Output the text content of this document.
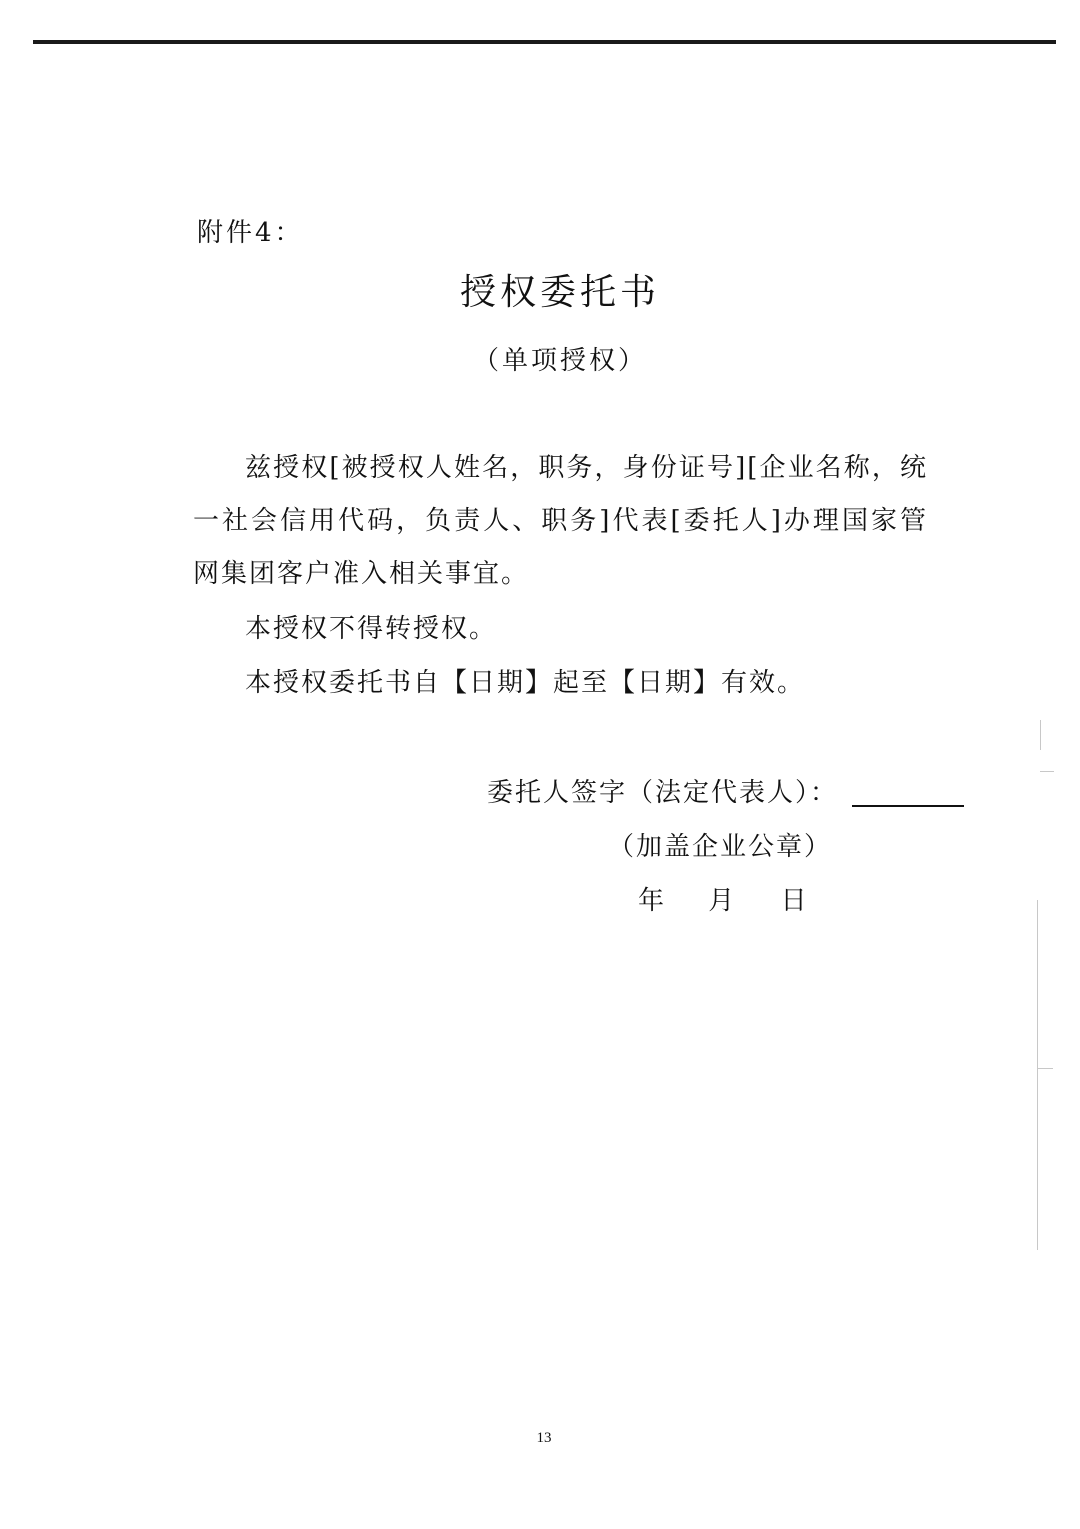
附件4：
授权委托书
（单项授权）

兹授权[被授权人姓名，职务，身份证号][企业名称，统一社会信用代码，负责人、职务]代表[委托人]办理国家管网集团客户准入相关事宜。

本授权不得转授权。
本授权委托书自【日期】起至【日期】有效。
委托人签字（法定代表人）：
（加盖企业公章）
年 月 日
13
